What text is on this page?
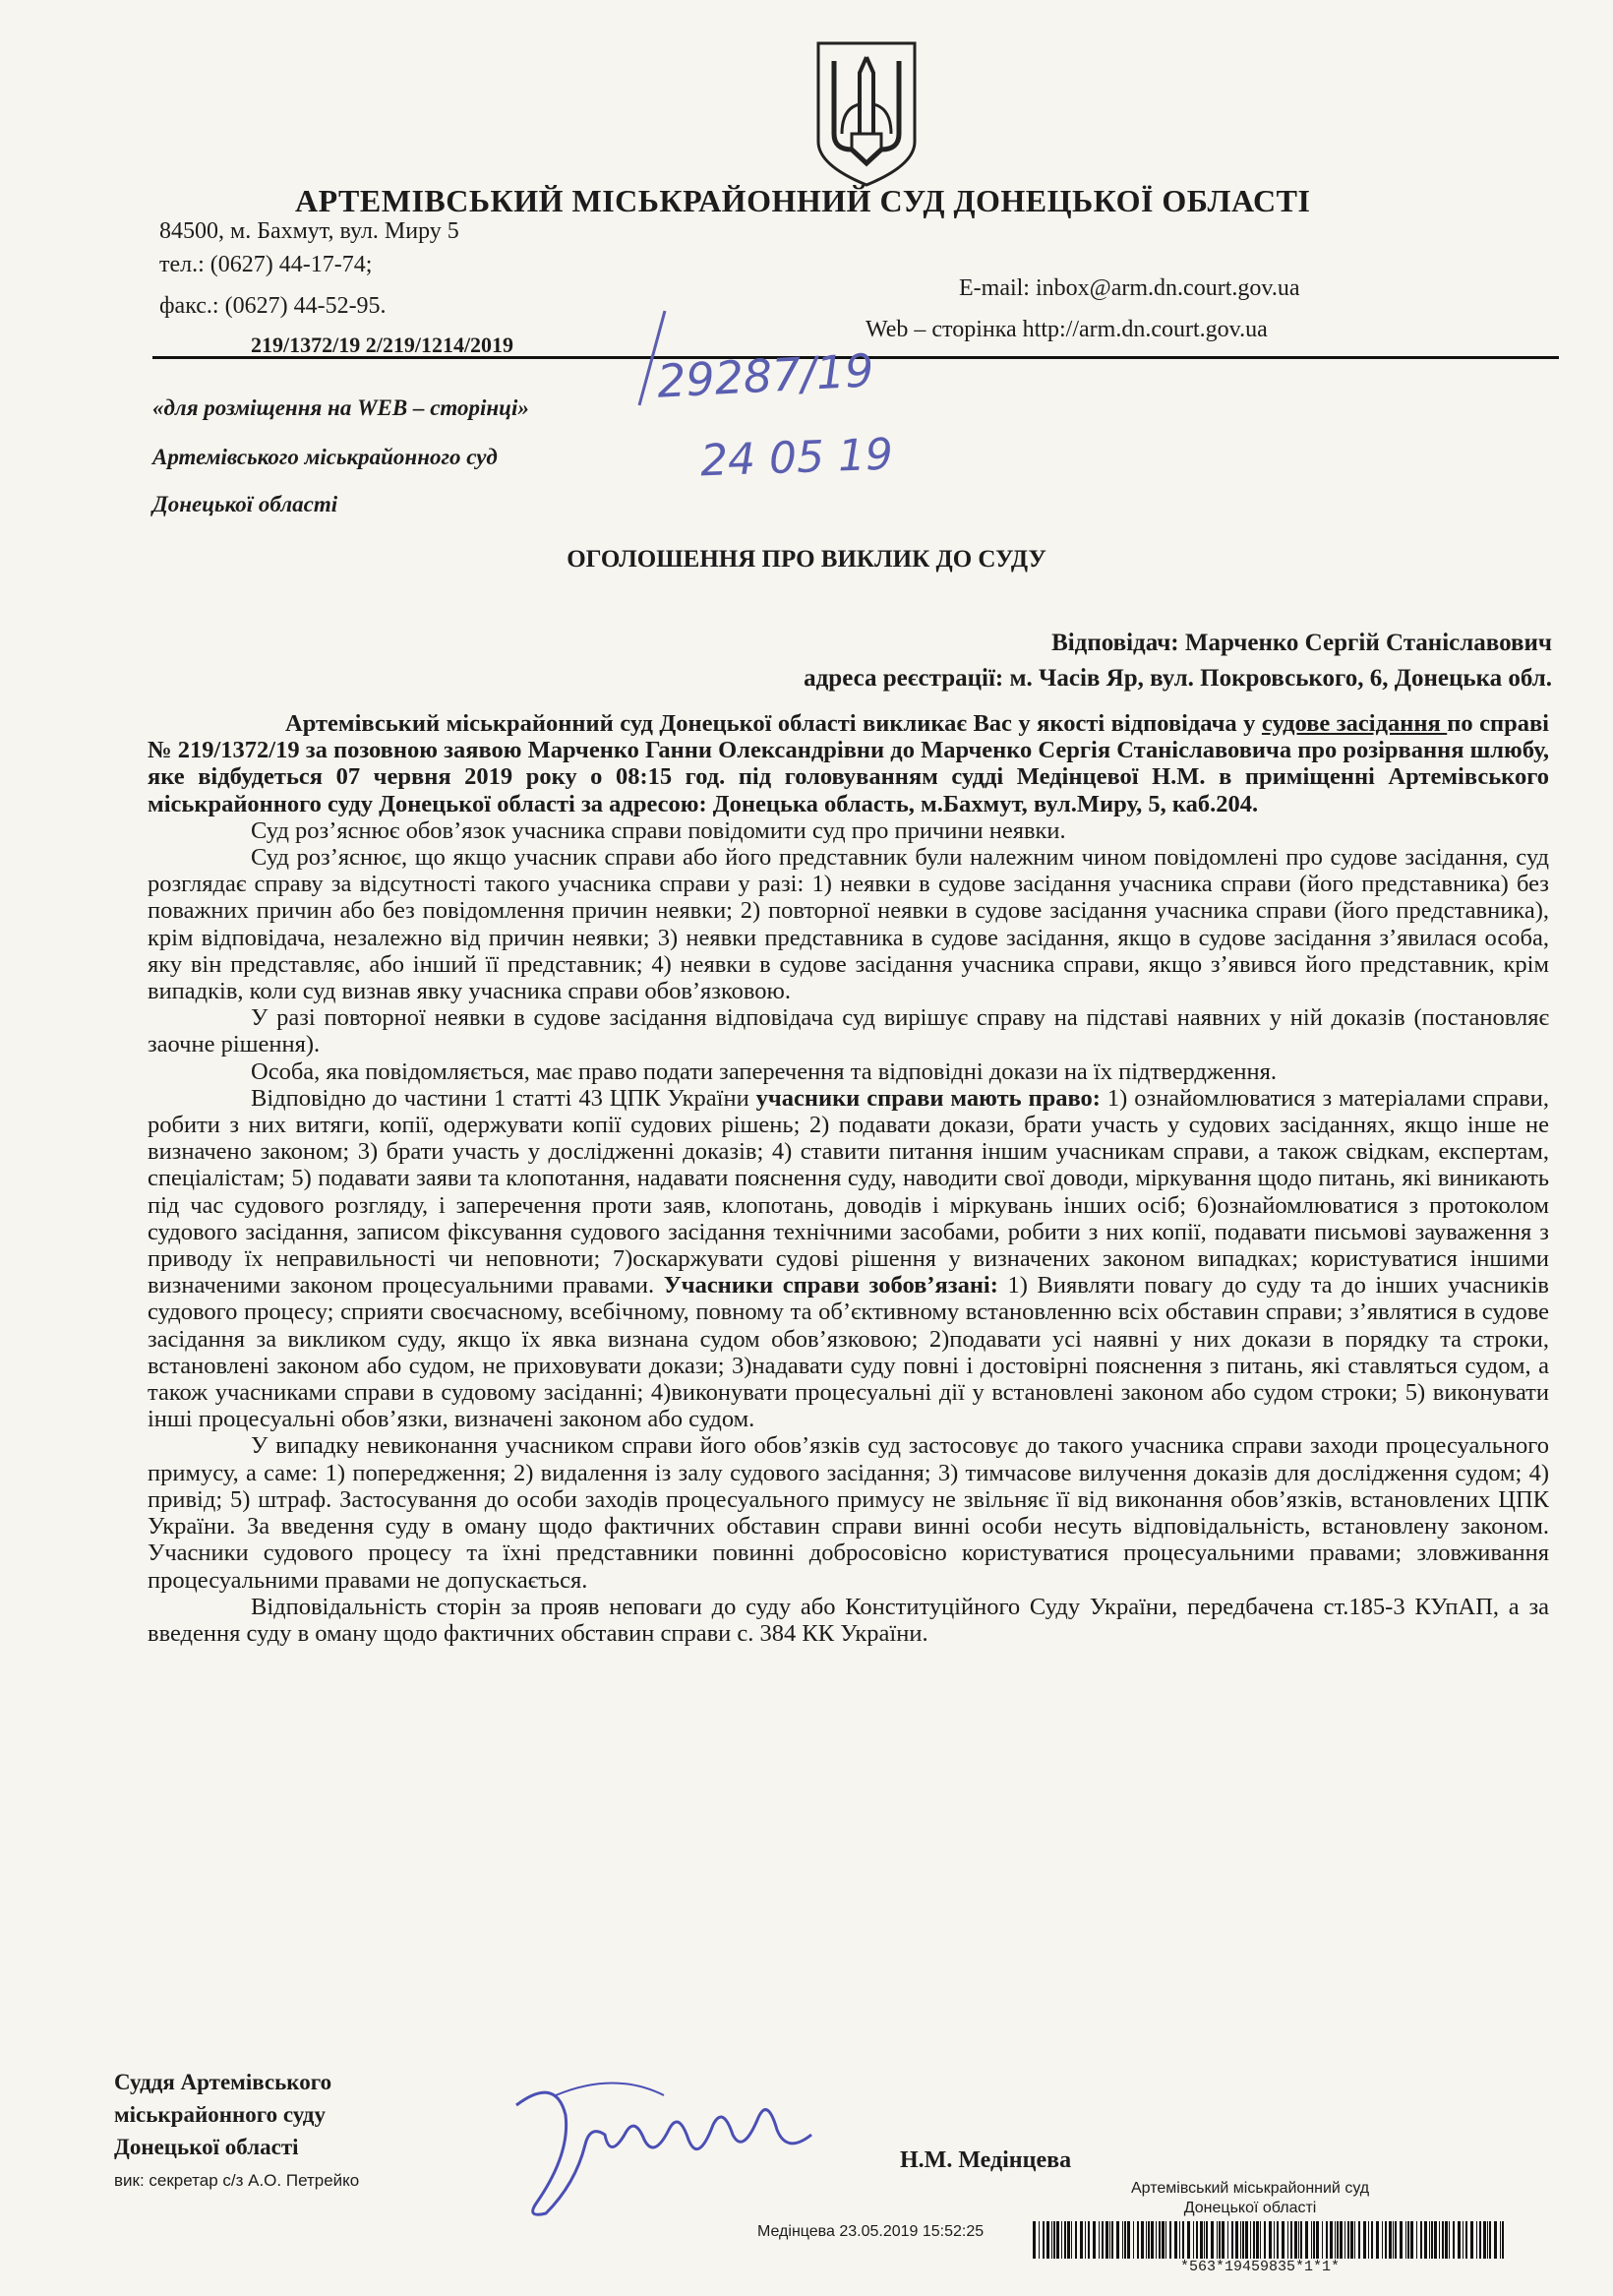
АРТЕМІВСЬКИЙ МІСЬКРАЙОННИЙ СУД ДОНЕЦЬКОЇ ОБЛАСТІ
84500, м. Бахмут, вул. Миру 5
тел.: (0627) 44-17-74;
факс.: (0627) 44-52-95.
E-mail: inbox@arm.dn.court.gov.ua
Web – сторінка http://arm.dn.court.gov.ua
219/1372/19 2/219/1214/2019	29287/19
24 05 19
«для розміщення на WEB – сторінці»
Артемівського міськрайонного суд
Донецької області
ОГОЛОШЕННЯ ПРО ВИКЛИК ДО СУДУ
Відповідач: Марченко Сергій Станіславович
адреса реєстрації: м. Часів Яр, вул. Покровського, 6, Донецька обл.

Артемівський міськрайонний суд Донецької області викликає Вас у якості відповідача у судове засідання по справі № 219/1372/19 за позовною заявою Марченко Ганни Олександрівни до Марченко Сергія Станіславовича про розірвання шлюбу, яке відбудеться 07 червня 2019 року о 08:15 год. під головуванням судді Медінцевої Н.М. в приміщенні Артемівського міськрайонного суду Донецької області за адресою: Донецька область, м.Бахмут, вул.Миру, 5, каб.204.

Суд роз’яснює обов’язок учасника справи повідомити суд про причини неявки.

Суд роз’яснює, що якщо учасник справи або його представник були належним чином повідомлені про судове засідання, суд розглядає справу за відсутності такого учасника справи у разі: 1) неявки в судове засідання учасника справи (його представника) без поважних причин або без повідомлення причин неявки; 2) повторної неявки в судове засідання учасника справи (його представника), крім відповідача, незалежно від причин неявки; 3) неявки представника в судове засідання, якщо в судове засідання з’явилася особа, яку він представляє, або інший її представник; 4) неявки в судове засідання учасника справи, якщо з’явився його представник, крім випадків, коли суд визнав явку учасника справи обов’язковою.

У разі повторної неявки в судове засідання відповідача суд вирішує справу на підставі наявних у ній доказів (постановляє заочне рішення).

Особа, яка повідомляється, має право подати заперечення та відповідні докази на їх підтвердження.

Відповідно до частини 1 статті 43 ЦПК України учасники справи мають право: 1) ознайомлюватися з матеріалами справи, робити з них витяги, копії, одержувати копії судових рішень; 2) подавати докази, брати участь у судових засіданнях, якщо інше не визначено законом; 3) брати участь у дослідженні доказів; 4) ставити питання іншим учасникам справи, а також свідкам, експертам, спеціалістам; 5) подавати заяви та клопотання, надавати пояснення суду, наводити свої доводи, міркування щодо питань, які виникають під час судового розгляду, і заперечення проти заяв, клопотань, доводів і міркувань інших осіб; 6)ознайомлюватися з протоколом судового засідання, записом фіксування судового засідання технічними засобами, робити з них копії, подавати письмові зауваження з приводу їх неправильності чи неповноти; 7)оскаржувати судові рішення у визначених законом випадках; користуватися іншими визначеними законом процесуальними правами. Учасники справи зобов’язані: 1) Виявляти повагу до суду та до інших учасників судового процесу; сприяти своєчасному, всебічному, повному та об’єктивному встановленню всіх обставин справи; з’являтися в судове засідання за викликом суду, якщо їх явка визнана судом обов’язковою; 2)подавати усі наявні у них докази в порядку та строки, встановлені законом або судом, не приховувати докази; 3)надавати суду повні і достовірні пояснення з питань, які ставляться судом, а також учасниками справи в судовому засіданні; 4)виконувати процесуальні дії у встановлені законом або судом строки; 5) виконувати інші процесуальні обов’язки, визначені законом або судом.

У випадку невиконання учасником справи його обов’язків суд застосовує до такого учасника справи заходи процесуального примусу, а саме: 1) попередження; 2) видалення із залу судового засідання; 3) тимчасове вилучення доказів для дослідження судом; 4) привід; 5) штраф. Застосування до особи заходів процесуального примусу не звільняє її від виконання обов’язків, встановлених ЦПК України. За введення суду в оману щодо фактичних обставин справи винні особи несуть відповідальність, встановлену законом. Учасники судового процесу та їхні представники повинні добросовісно користуватися процесуальними правами; зловживання процесуальними правами не допускається.

Відповідальність сторін за прояв неповаги до суду або Конституційного Суду України, передбачена ст.185-3 КУпАП, а за введення суду в оману щодо фактичних обставин справи с. 384 КК України.

Суддя Артемівського
міськрайонного суду
Донецької області
вик: секретар с/з А.О. Петрейко
Н.М. Медінцева
Артемівський міськрайонний суд
Донецької області
Медінцева 23.05.2019 15:52:25
*563*19459835*1*1*
